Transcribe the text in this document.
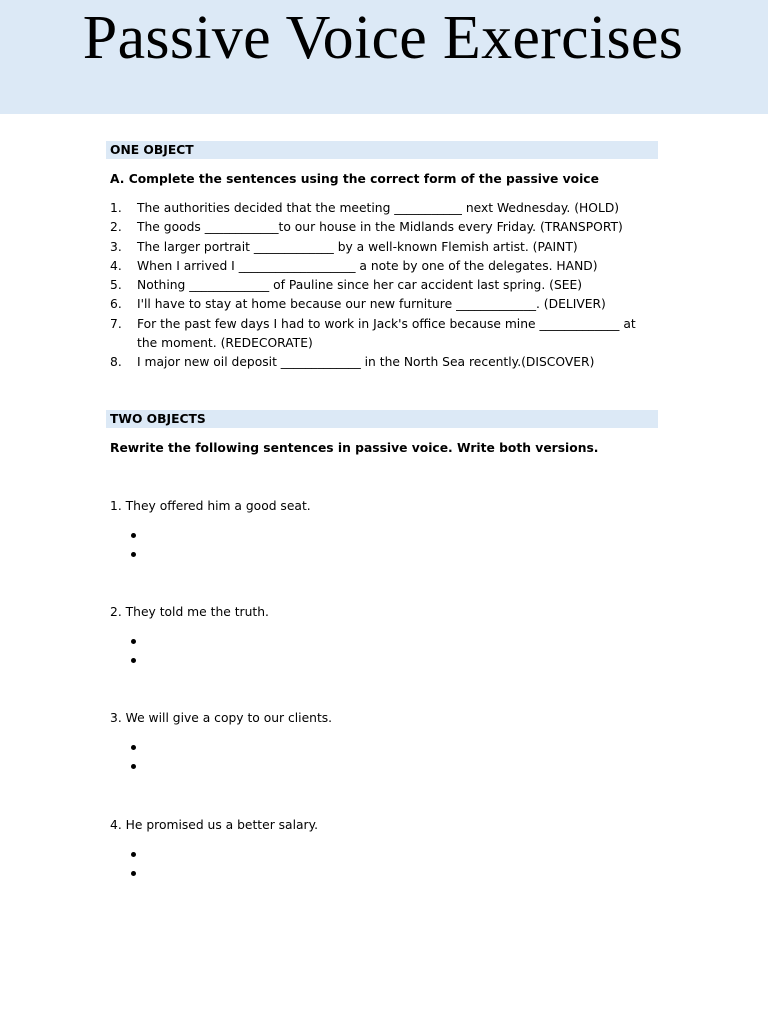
Passive Voice Exercises
ONE OBJECT
A. Complete the sentences using the correct form of the passive voice
1. The authorities decided that the meeting ___________ next Wednesday. (HOLD)
2. The goods ____________to our house in the Midlands every Friday. (TRANSPORT)
3. The larger portrait _____________ by a well-known Flemish artist. (PAINT)
4. When I arrived I ___________________ a note by one of the delegates. HAND)
5. Nothing _____________ of Pauline since her car accident last spring. (SEE)
6. I'll have to stay at home because our new furniture _____________. (DELIVER)
7. For the past few days I had to work in Jack's office because mine _____________ at the moment. (REDECORATE)
8. I major new oil deposit _____________ in the North Sea recently.(DISCOVER)
TWO OBJECTS
Rewrite the following sentences in passive voice. Write both versions.
1. They offered him a good seat.
2. They told me the truth.
3. We will give a copy to our clients.
4. He promised us a better salary.
